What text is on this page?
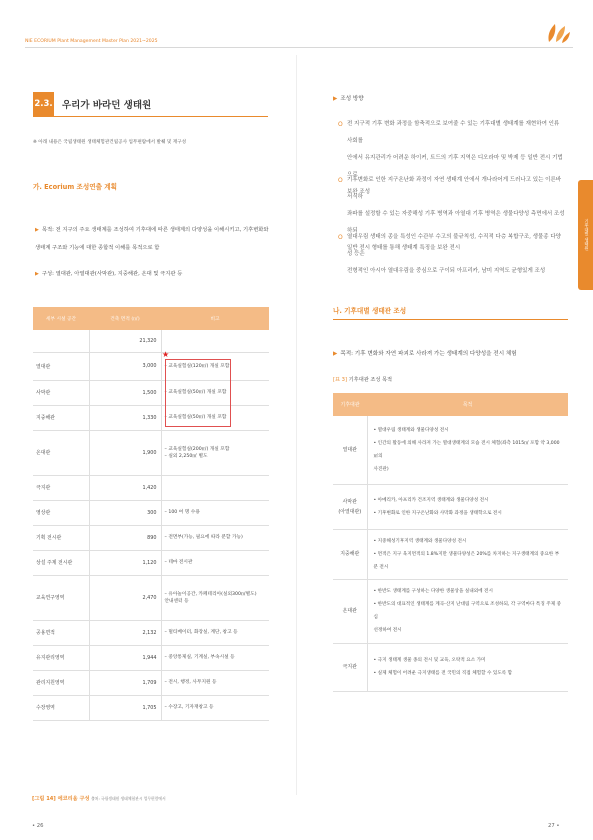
NIE ECORIUM Plant Management Master Plan 2021~2025
기후대별 생태원
2.3. 우리가 바라던 생태원
※ 아래 내용은 국립생태원 생태체험관건립공사 업무편람에서 발췌 및 재구성
가. Ecorium 조성연출 계획
▶ 목적: 전 지구의 주요 생태계를 조성하여 기후대에 따른 생태계의 다양성을 이해시키고, 기후변화와
생태계 구조와 기능에 대한 종합적 이해를 목적으로 함
▶ 구성: 열대관, 아열대관(사막관), 지중해관, 온대 및 극지관 등
세부 시설 공간	건축 면적 (㎡)	비고
	21,320	
열대관	3,000	– 교육실험실(120㎡) 개실 포함

사막관	1,500	– 교육실험실(50㎡) 개실 포함

지중해관	1,330	– 교육실험실(50㎡) 개실 포함

온대관	1,900	– 교육실험실(200㎡) 개실 포함
– 실외 2,250㎡ 별도

극지관	1,420	
영상관	300	– 100 여 명 수용

기획 전시관	890	– 전면부(가능, 필요에 따라 분할 가능)

상설 주제 전시관	1,120	– 테마 전시관

교육연구영역	2,470	– 유아놀이공간, 카페테리아(실외300㎡별도)
안내센터 등

공용면적	2,132	– 멀티베이터, 화장실, 계단, 창고 등

유지관리영역	1,944	– 중앙통제실, 기계실, 부속시설 등

관리지원영역	1,709	– 전시, 행정, 사무지원 등

수장영역	1,705	– 수장고, 기자재창고 등
★
[그림 14] 에코리움 구성 출처: 국립생태원 생태체험관시 업무편람에서
• 26
▶ 조성 방향
O 전 지구적 기후 변화 과정을 함축적으로 보여줄 수 있는 기후대별 생태계를 재현하여 인류 사회를
안에서 유지관리가 어려운 하이커, 트드의 기후 지역은 디오라마 및 박제 등 일반 전시 기법으로
보완 조성
O 기후변화로 인한 지구온난화 과정이 자연 생태계 안에서 개나라어게 드러나고 있는 이른바 서식하
좌파를 설정할 수 있는 자중해성 기후 병역과 아열대 기후 병역은 생물다양성 측면에서 조성하되
일반 전시 형태를 통해 생태계 특징을 보완 전시
O 열대우림 생태의 종을 특성인 수관부 수고의 불규칙성, 수직적 다층 복합구조, 생물종 다양성 등은
전형적인 아시아 열대우림을 중심으로 구이되 아프리카, 남미 지역도 균형있게 조성
나. 기후대별 생태관 조성
▶ 목적: 기후 변화와 자연 파괴로 사라져 가는 생태계의 다양성을 전시 체험
[표 3] 기후대관 조성 목적
기후대관	목적

열대관	• 열대우림 생태계와 생물다양성 전시
• 인간의 활동에 의해 사라져 가는 열대생태계의 모습 전시 체험(좌측 1015㎡ 포함 약 3,000㎡의
사진관)

사막관
(아열대관)	• 아메리카, 아프리카 건조지역 생태계와 생물다양성 전시
• 기후변화로 인한 지구온난화와 사막화 과정을 생태학으로 전시

지중해관	• 지중해성기후지역 생태계와 생물다양성 전시
• 면적은 지구 육지면적의 1.8%지만 생물다양성은 20%를 차지하는 지구생태계의 중요한 부분 전시

온대관	• 한반도 생태계를 구성하는 다양한 생물상을 실내외에 전시
• 한반도의 대표적인 생태계를 계곡-산지 난대림 구역으로 조성하되, 각 구역마다 특징 주제 중심
선정하여 전시

극지관	• 극지 생태계 생물 종의 전시 및 교육, 오락적 요소 가미
• 실제 체험이 어려운 극지생태를 전 국민의 직접 체험할 수 있도록 함
27 •
